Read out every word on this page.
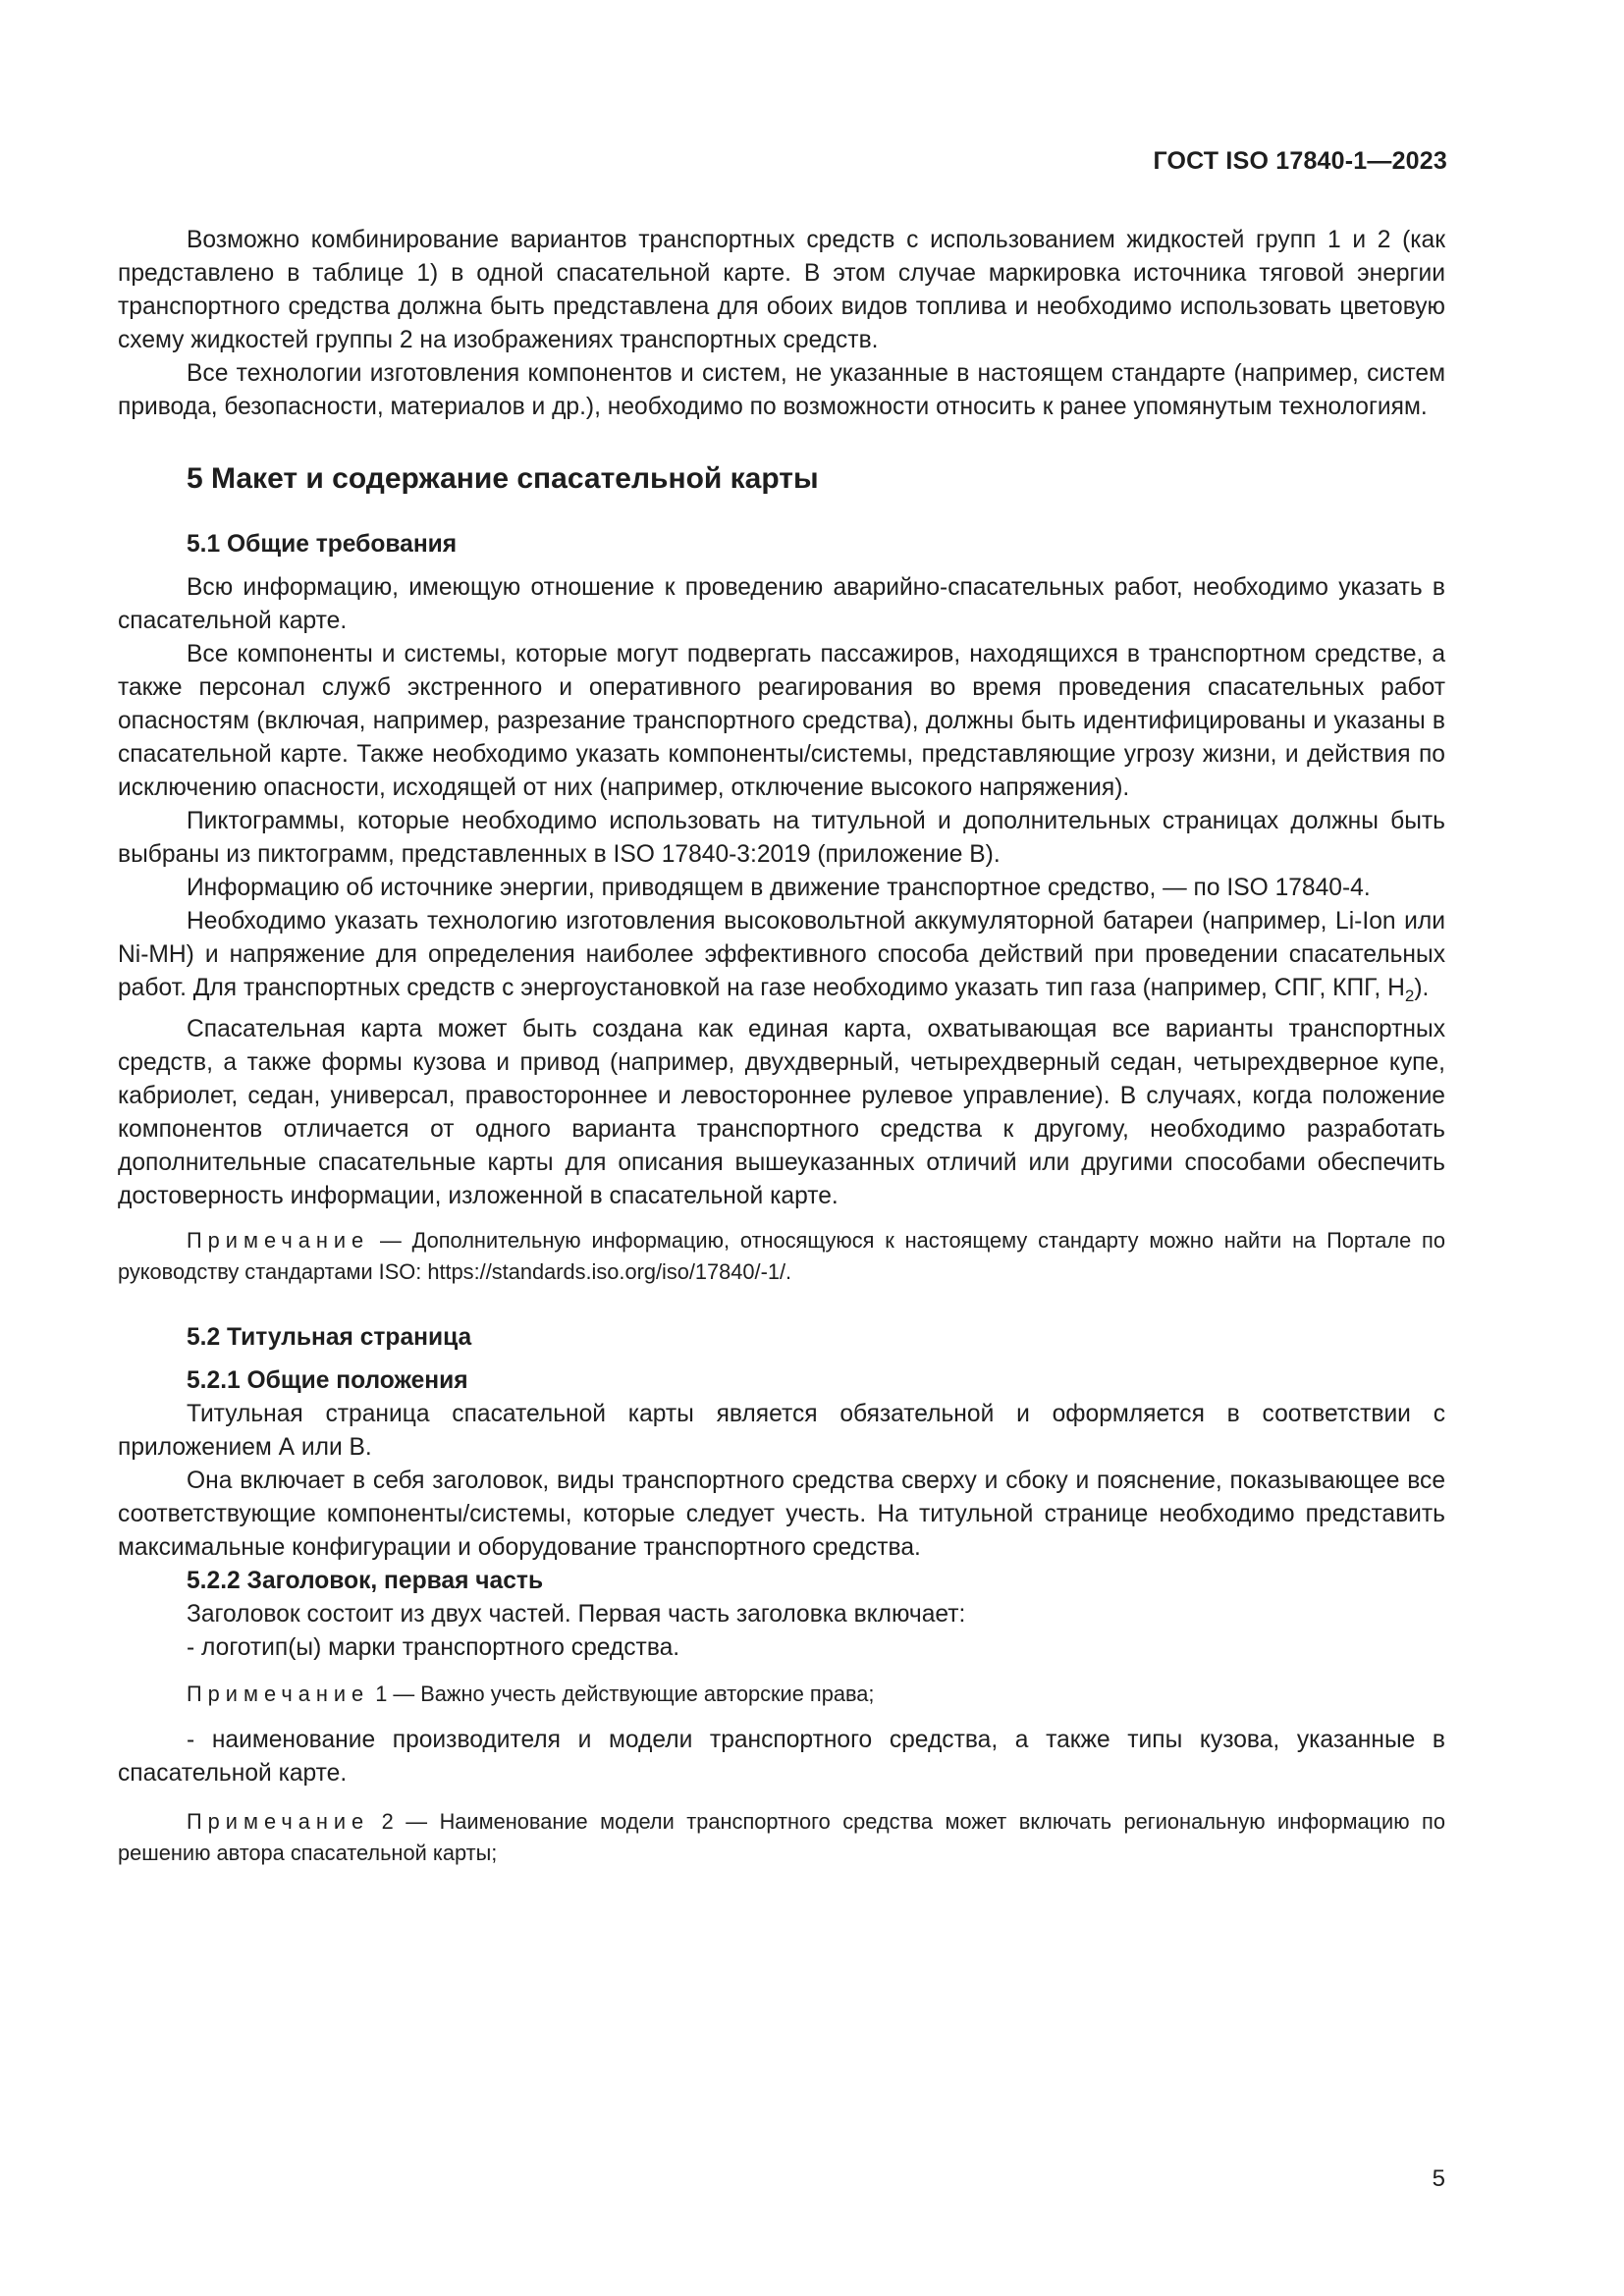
ГОСТ ISO 17840-1—2023

Возможно комбинирование вариантов транспортных средств с использованием жидкостей групп 1 и 2 (как представлено в таблице 1) в одной спасательной карте. В этом случае маркировка источника тяговой энергии транспортного средства должна быть представлена для обоих видов топлива и необходимо использовать цветовую схему жидкостей группы 2 на изображениях транспортных средств.

Все технологии изготовления компонентов и систем, не указанные в настоящем стандарте (например, систем привода, безопасности, материалов и др.), необходимо по возможности относить к ранее упомянутым технологиям.

5 Макет и содержание спасательной карты
5.1 Общие требования

Всю информацию, имеющую отношение к проведению аварийно-спасательных работ, необходимо указать в спасательной карте.

Все компоненты и системы, которые могут подвергать пассажиров, находящихся в транспортном средстве, а также персонал служб экстренного и оперативного реагирования во время проведения спасательных работ опасностям (включая, например, разрезание транспортного средства), должны быть идентифицированы и указаны в спасательной карте. Также необходимо указать компоненты/системы, представляющие угрозу жизни, и действия по исключению опасности, исходящей от них (например, отключение высокого напряжения).

Пиктограммы, которые необходимо использовать на титульной и дополнительных страницах должны быть выбраны из пиктограмм, представленных в ISO 17840-3:2019 (приложение В).

Информацию об источнике энергии, приводящем в движение транспортное средство, — по ISO 17840-4.

Необходимо указать технологию изготовления высоковольтной аккумуляторной батареи (например, Li-Ion или Ni-MH) и напряжение для определения наиболее эффективного способа действий при проведении спасательных работ. Для транспортных средств с энергоустановкой на газе необходимо указать тип газа (например, СПГ, КПГ, $H_2$).

Спасательная карта может быть создана как единая карта, охватывающая все варианты транспортных средств, а также формы кузова и привод (например, двухдверный, четырехдверный седан, четырехдверное купе, кабриолет, седан, универсал, правостороннее и левостороннее рулевое управление). В случаях, когда положение компонентов отличается от одного варианта транспортного средства к другому, необходимо разработать дополнительные спасательные карты для описания вышеуказанных отличий или другими способами обеспечить достоверность информации, изложенной в спасательной карте.

Примечание — Дополнительную информацию, относящуюся к настоящему стандарту можно найти на Портале по руководству стандартами ISO: https://standards.iso.org/iso/17840/-1/.

5.2 Титульная страница
5.2.1 Общие положения

Титульная страница спасательной карты является обязательной и оформляется в соответствии с приложением А или В.

Она включает в себя заголовок, виды транспортного средства сверху и сбоку и пояснение, показывающее все соответствующие компоненты/системы, которые следует учесть. На титульной странице необходимо представить максимальные конфигурации и оборудование транспортного средства.

5.2.2 Заголовок, первая часть

Заголовок состоит из двух частей. Первая часть заголовка включает:

- логотип(ы) марки транспортного средства.

Примечание 1 — Важно учесть действующие авторские права;

- наименование производителя и модели транспортного средства, а также типы кузова, указанные в спасательной карте.

Примечание 2 — Наименование модели транспортного средства может включать региональную информацию по решению автора спасательной карты;

5
